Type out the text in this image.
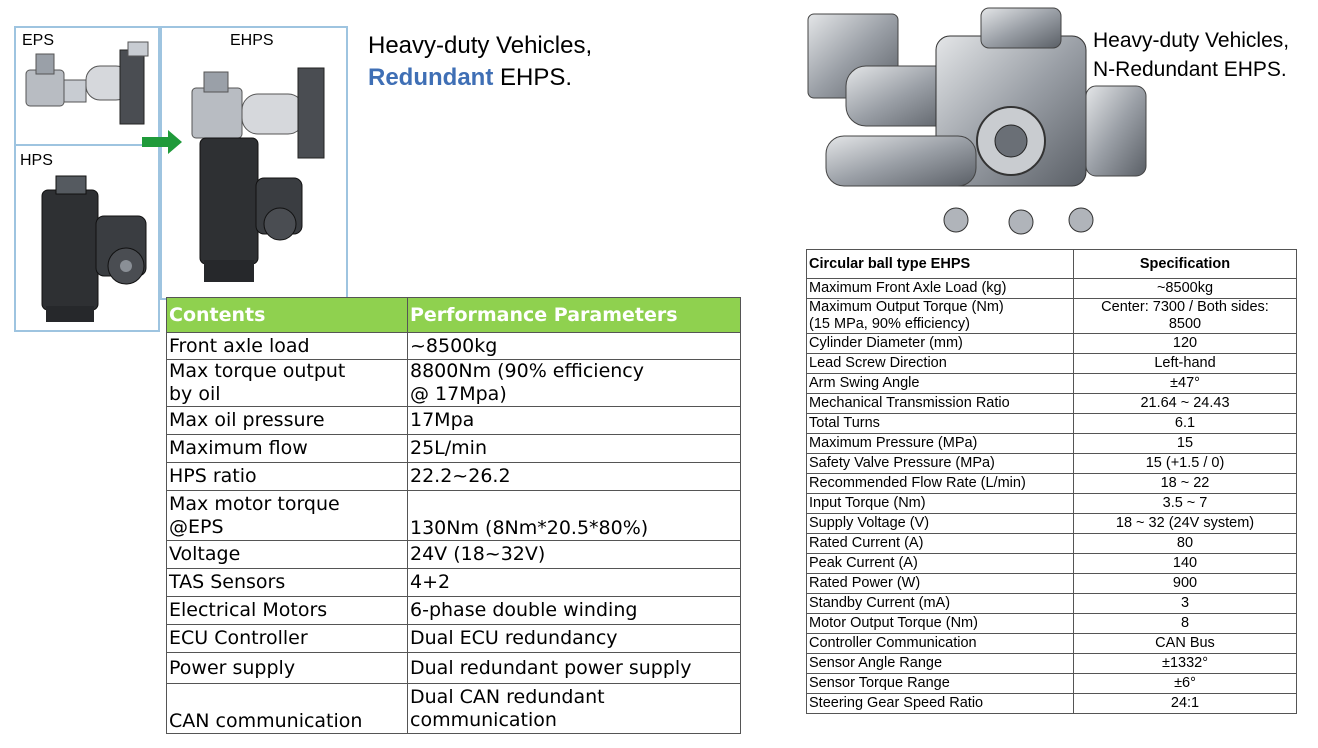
EPS
HPS
EHPS	Heavy-duty Vehicles,
Redundant EHPS.
Contents	Performance Parameters
Front axle load	~8500kg
Max torque output
by oil	8800Nm (90% efficiency
@ 17Mpa)
Max oil pressure	17Mpa
Maximum flow	25L/min
HPS ratio	22.2~26.2
Max motor torque
@EPS	130Nm (8Nm*20.5*80%)
Voltage	24V (18~32V)
TAS Sensors	4+2
Electrical Motors	6-phase double winding
ECU Controller	Dual ECU redundancy
Power supply	Dual redundant power supply
CAN communication	Dual CAN redundant
communication
Heavy-duty Vehicles,
N-Redundant EHPS.
Circular ball type EHPS	Specification
Maximum Front Axle Load (kg)	~8500kg
Maximum Output Torque (Nm)
(15 MPa, 90% efficiency)	Center: 7300 / Both sides:
8500
Cylinder Diameter (mm)	120
Lead Screw Direction	Left-hand
Arm Swing Angle	±47°
Mechanical Transmission Ratio	21.64 ~ 24.43
Total Turns	6.1
Maximum Pressure (MPa)	15
Safety Valve Pressure (MPa)	15 (+1.5 / 0)
Recommended Flow Rate (L/min)	18 ~ 22
Input Torque (Nm)	3.5 ~ 7
Supply Voltage (V)	18 ~ 32 (24V system)
Rated Current (A)	80
Peak Current (A)	140
Rated Power (W)	900
Standby Current (mA)	3
Motor Output Torque (Nm)	8
Controller Communication	CAN Bus
Sensor Angle Range	±1332°
Sensor Torque Range	±6°
Steering Gear Speed Ratio	24:1
